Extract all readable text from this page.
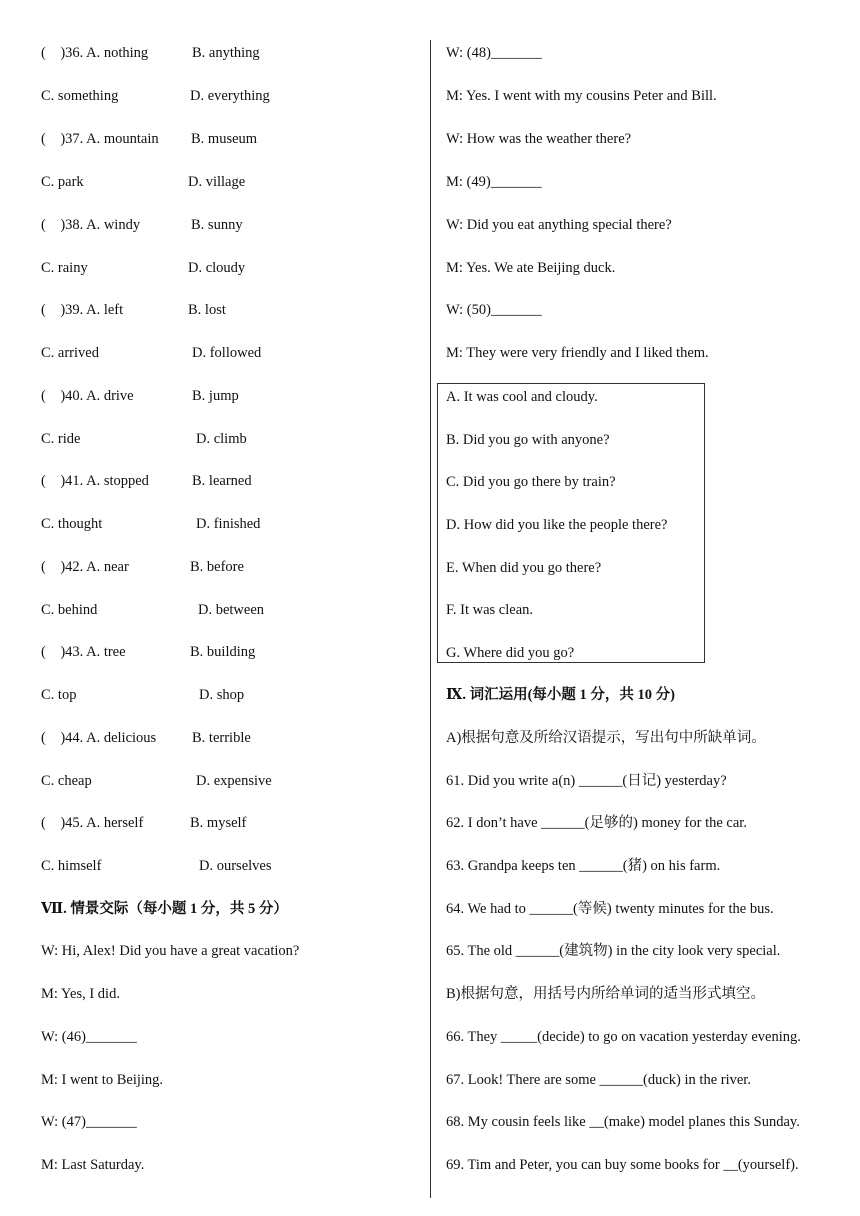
(　)36. A. nothing	B. anything
C. something	D. everything
(　)37. A. mountain B. museum
C. park	D. village
(　)38. A. windy	B. sunny
C. rainy	D. cloudy
(　)39. A. left	B. lost
C. arrived	D. followed
(　)40. A. drive	B. jump
C. ride	D. climb
(　)41. A. stopped	B. learned
C. thought	D. finished
(　)42. A. near	B. before
C. behind	D. between
(　)43. A. tree	B. building
C. top	D. shop
(　)44. A. delicious B. terrible
C. cheap	D. expensive
(　)45. A. herself	B. myself
C. himself	D. ourselves
Ⅶ. 情景交际（每小题 1 分，共 5 分）
W: Hi, Alex! Did you have a great vacation?
M: Yes, I did.
W: (46)_______
M: I went to Beijing.
W: (47)_______
M: Last Saturday.
W: (48)_______
M: Yes. I went with my cousins Peter and Bill.
W: How was the weather there?
M: (49)_______
W: Did you eat anything special there?
M: Yes. We ate Beijing duck.
W: (50)_______
M: They were very friendly and I liked them.
Ⅸ. 词汇运用(每小题 1 分，共 10 分)
A)根据句意及所给汉语提示，写出句中所缺单词。
61. Did you write a(n) ______(日记) yesterday?
62. I don’t have ______(足够的) money for the car.
63. Grandpa keeps ten ______(猪) on his farm.
64. We had to ______(等候) twenty minutes for the bus.
65. The old ______(建筑物) in the city look very special.
B)根据句意，用括号内所给单词的适当形式填空。
66. They _____(decide) to go on vacation yesterday evening.
67. Look! There are some ______(duck) in the river.
68. My cousin feels like __(make) model planes this Sunday.
69. Tim and Peter, you can buy some books for __(yourself).
A. It was cool and cloudy.
B. Did you go with anyone?
C. Did you go there by train?
D. How did you like the people there?
E. When did you go there?
F. It was clean.
G. Where did you go?
